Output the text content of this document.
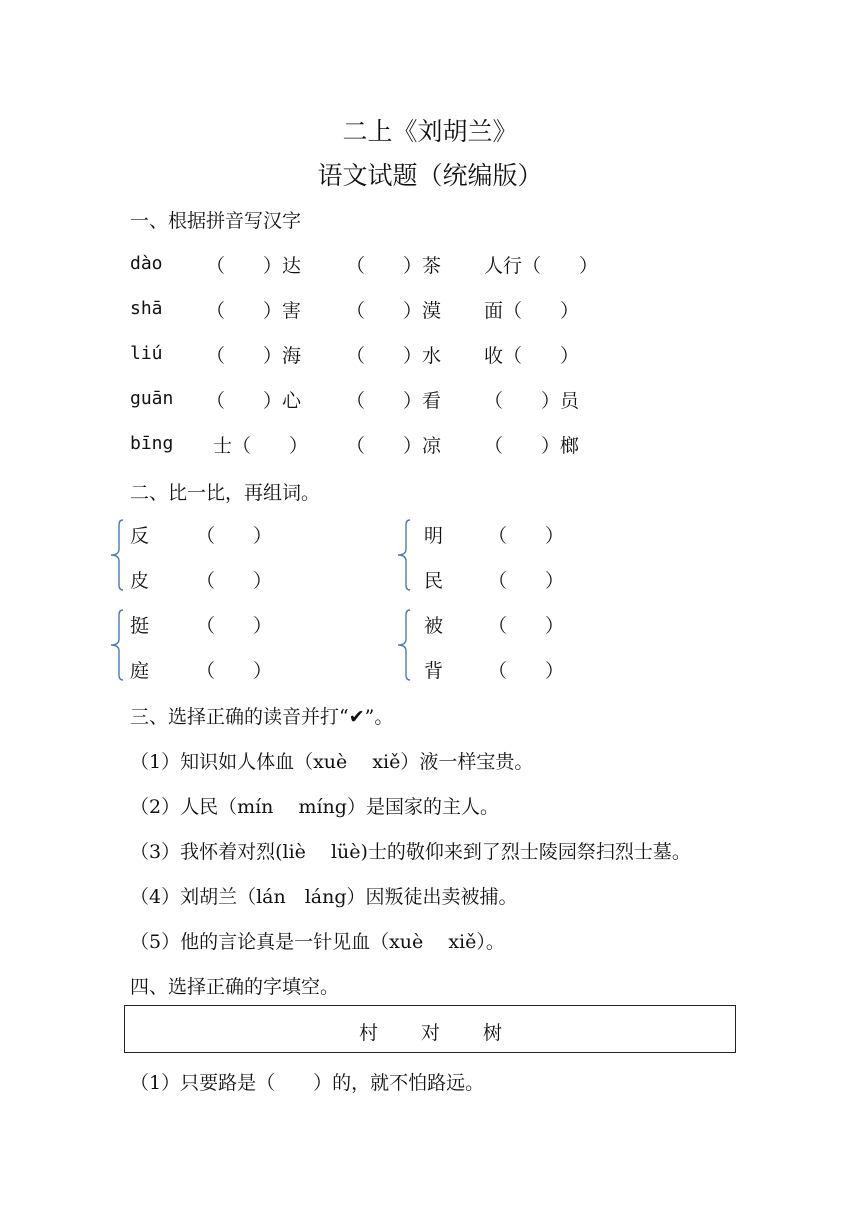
二上《刘胡兰》
语文试题（统编版）
一、根据拼音写汉字
dào （　　）达 （　　）茶 人行（　　）
shā （　　）害 （　　）漠 面（　　）
liú （　　）海 （　　）水 收（　　）
guān （　　）心 （　　）看 （　　）员
bīng 士（　　） （　　）凉 （　　）榔
二、比一比，再组词。
反 （　　）
皮 （　　）
明 （　　）
民 （　　）
挺 （　　）
庭 （　　）
被 （　　）
背 （　　）
三、选择正确的读音并打“✔”。
（1）知识如人体血（xuè　 xiě）液一样宝贵。
（2）人民（mín　 míng）是国家的主人。
（3）我怀着对烈(liè　 lüè)士的敬仰来到了烈士陵园祭扫烈士墓。
（4）刘胡兰（lán　láng）因叛徒出卖被捕。
（5）他的言论真是一针见血（xuè　 xiě）。
四、选择正确的字填空。
村 对 树
（1）只要路是（　　）的，就不怕路远。
